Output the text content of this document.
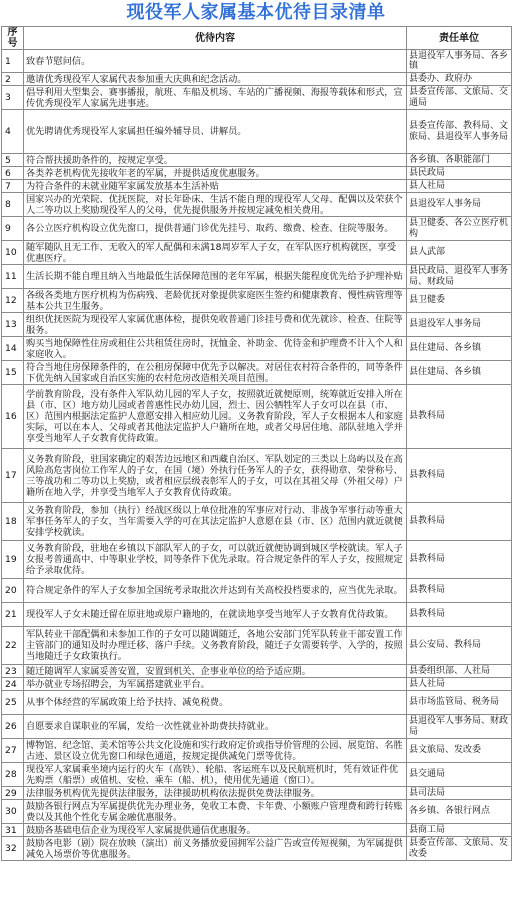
现役军人家属基本优待目录清单
序号	优待内容	责任单位
1	致春节慰问信。	县退役军人事务局、各乡镇
2	邀请优秀现役军人家属代表参加重大庆典和纪念活动。	县委办、政府办
3	倡导利用大型集会、赛事播报，航班、车船及机场、车站的广播视频、海报等载体和形式，宣传优秀现役军人家属先进事迹。	县委宣传部、文旅局、交通局
4	优先聘请优秀现役军人家属担任编外辅导员、讲解员。	县委宣传部、教科局、文旅局、县退役军人事务局
5	符合帮扶援助条件的，按规定享受。	各乡镇、各职能部门
6	各类养老机构优先接收年老的军属，并提供适度优惠服务。	县民政局
7	为符合条件的未就业随军家属发放基本生活补贴	县人社局
8	国家兴办的光荣院、优抚医院，对长年卧床、生活不能自理的现役军人父母、配偶以及荣获个人二等功以上奖励现役军人的父母，优先提供服务并按规定减免相关费用。	县退役军人事务局
9	各公立医疗机构设立优先窗口，提供普通门诊优先挂号、取药、缴费、检查、住院等服务。	县卫健委、各公立医疗机构
10	随军随队且无工作、无收入的军人配偶和未满18周岁军人子女，在军队医疗机构就医，享受优惠医疗。	县人武部
11	生活长期不能自理且纳入当地最低生活保障范围的老年军属，根据失能程度优先给予护理补贴	县民政局、退役军人事务局、财政局
12	各级各类地方医疗机构为伤病残、老龄优抚对象提供家庭医生签约和健康教育、慢性病管理等基本公共卫生服务。	县卫健委
13	组织优抚医院为现役军人家属优惠体检，提供免收普通门诊挂号费和优先就诊、检查、住院等服务。	县退役军人事务局
14	购买当地保障性住房或租住公共租赁住房时，抚恤金、补助金、优待金和护理费不计入个人和家庭收入。	县住建局、各乡镇
15	符合当地住房保障条件的，在公租房保障中优先予以解决。对居住农村符合条件的，同等条件下优先纳入国家或自治区实施的农村危房改造相关项目范围。	县住建局、各乡镇
16	学前教育阶段，没有条件入军队幼儿园的军人子女，按照就近就便原则，统筹就近安排入所在县（市、区）地方幼儿园或者普惠性民办幼儿园，烈士、因公牺牲军人子女可以在县（市、区）范围内根据法定监护人意愿安排入相应幼儿园。义务教育阶段，军人子女根据本人和家庭实际，可以在本人、父母或者其他法定监护人户籍所在地，或者父母居住地、部队驻地入学并享受当地军人子女教育优待政策。	县教科局
17	义务教育阶段，驻国家确定的艰苦边远地区和西藏自治区、军队划定的三类以上岛屿以及在高风险高危害岗位工作军人的子女，在国（境）外执行任务军人的子女，获得勋章、荣誉称号、三等战功和二等功以上奖励，或者相应层级表彰军人的子女，可以在其祖父母（外祖父母）户籍所在地入学，并享受当地军人子女教育优待政策。	县教科局
18	义务教育阶段，参加（执行）经战区级以上单位批准的军事应对行动、非战争军事行动等重大军事任务军人的子女，当年需要入学的可在其法定监护人意愿在县（市、区）范围内就近就便安排学校就读。	县教科局
19	义务教育阶段，驻地在乡镇以下部队军人的子女，可以就近就便协调到城区学校就读。军人子女报考普通高中、中等职业学校，同等条件下优先录取。符合规定条件的军人子女，按照规定给予录取优待。	县教科局
20	符合规定条件的军人子女参加全国统考录取批次并达到有关高校投档要求的，应当优先录取。	县教科局
21	现役军人子女未随迁留在原驻地或原户籍地的，在就读地享受当地军人子女教育优待政策。	县教科局
22	军队转业干部配偶和未参加工作的子女可以随调随迁，各地公安部门凭军队转业干部安置工作主管部门的通知及时办理迁移、落户手续。义务教育阶段，随迁子女需要转学、入学的，按照当地随迁子女政策执行。	县公安局、教科局
23	随迁随调军人家属妥善安置，安置到机关、企事业单位的给予适应期。	县委组织部、人社局
24	举办就业专场招聘会，为军属搭建就业平台。	县人社局
25	从事个体经营的军属政策上给予扶持、减免税费。	县市场监管局、税务局
26	自愿要求自谋职业的军属，发给一次性就业补助费扶持就业。	县退役军人事务局、财政局
27	博物馆、纪念馆、美术馆等公共文化设施和实行政府定价或指导价管理的公园、展览馆、名胜古迹、景区设立优先窗口和绿色通道，按规定提供减免门票等优待。	县文旅局、发改委
28	现役军人家属乘坐境内运行的火车（高铁）、轮船、客运班车以及民航班机时，凭有效证件优先购票（船票）或值机、安检、乘车（船、机），使用优先通道（窗口）。	县交通局
29	法律服务机构优先提供法律服务，法律援助机构依法提供免费法律服务。	县司法局
30	鼓励各银行网点为军属提供优先办理业务，免收工本费、卡年费、小额账户管理费和跨行转账费以及其他个性化专属金融优惠服务。	各乡镇、各银行网点
31	鼓励各基础电信企业为现役军人家属提供通信优惠服务。	县商工局
32	鼓励各电影（剧）院在放映（演出）前义务播放爱国拥军公益广告或宣传短视频，为军属提供减免入场票价等优惠服务。	县委宣传部、文旅局、发改委
